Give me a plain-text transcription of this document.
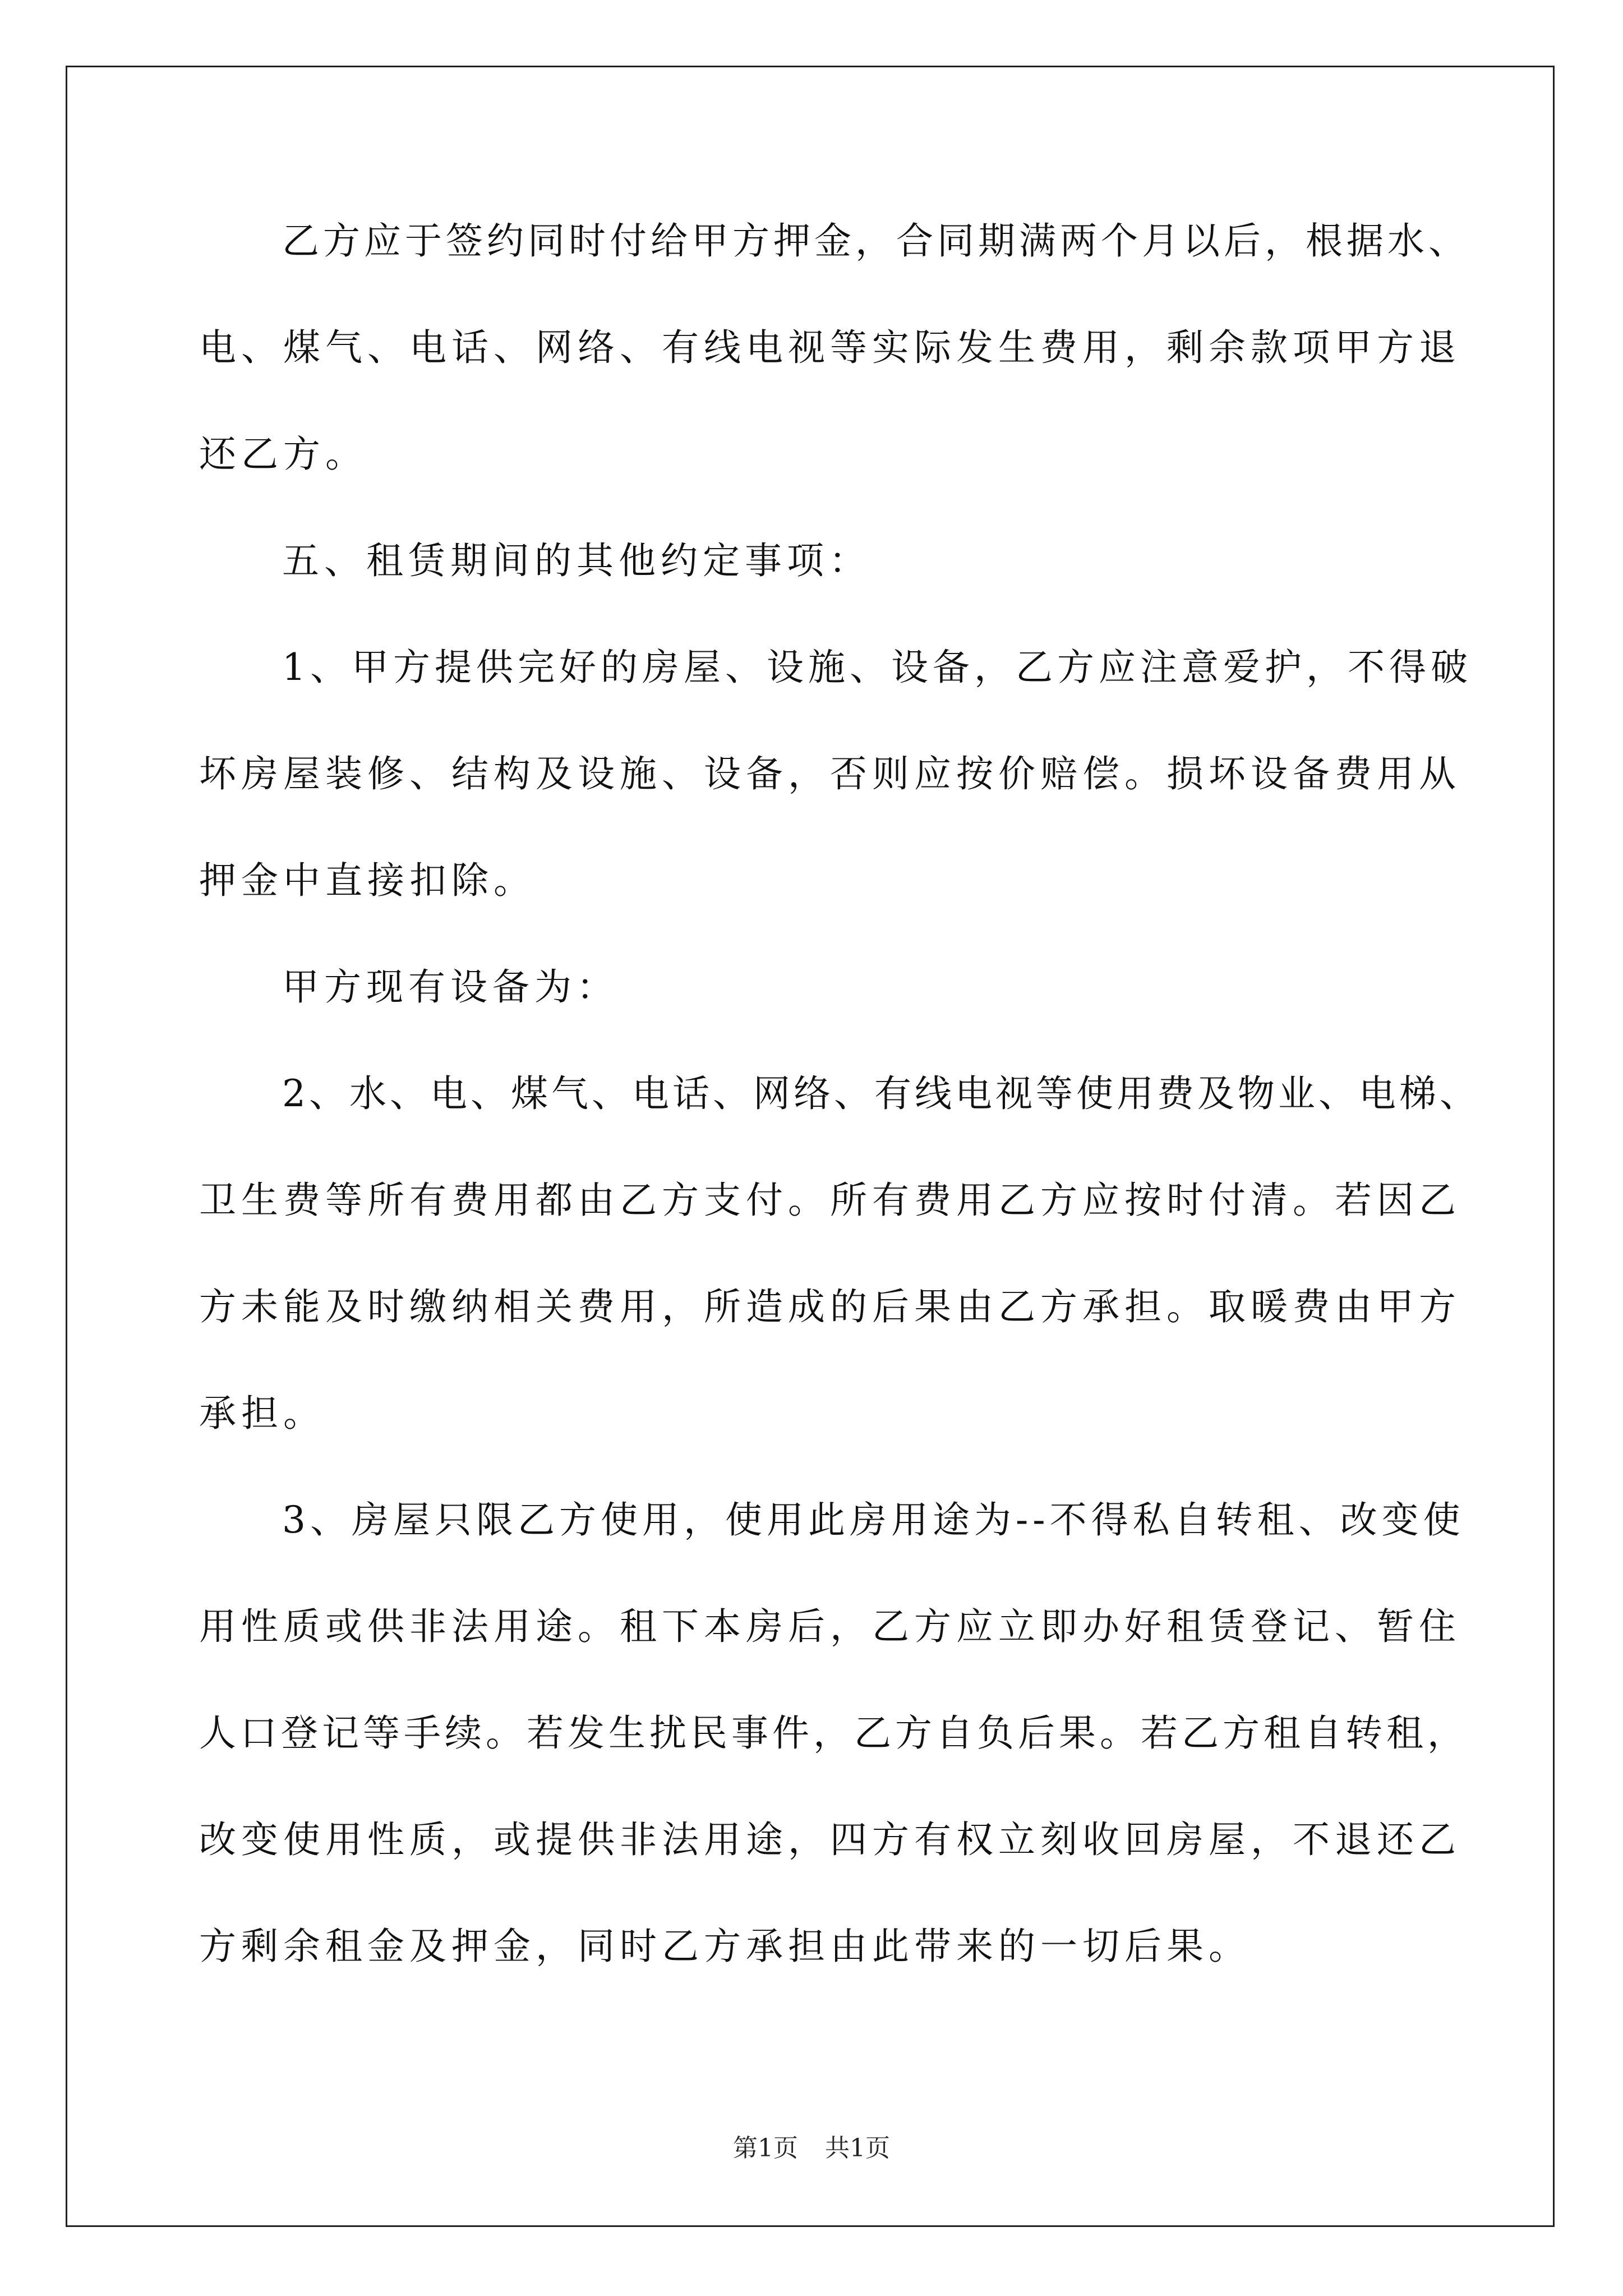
乙方应于签约同时付给甲方押金，合同期满两个月以后，根据水、
电、煤气、电话、网络、有线电视等实际发生费用，剩余款项甲方退
还乙方。
五、租赁期间的其他约定事项：
1、甲方提供完好的房屋、设施、设备，乙方应注意爱护，不得破
坏房屋装修、结构及设施、设备，否则应按价赔偿。损坏设备费用从
押金中直接扣除。
甲方现有设备为：
2、水、电、煤气、电话、网络、有线电视等使用费及物业、电梯、
卫生费等所有费用都由乙方支付。所有费用乙方应按时付清。若因乙
方未能及时缴纳相关费用，所造成的后果由乙方承担。取暖费由甲方
承担。
3、房屋只限乙方使用，使用此房用途为--不得私自转租、改变使
用性质或供非法用途。租下本房后，乙方应立即办好租赁登记、暂住
人口登记等手续。若发生扰民事件，乙方自负后果。若乙方租自转租，
改变使用性质，或提供非法用途，四方有权立刻收回房屋，不退还乙
方剩余租金及押金，同时乙方承担由此带来的一切后果。
第1页 共1页
